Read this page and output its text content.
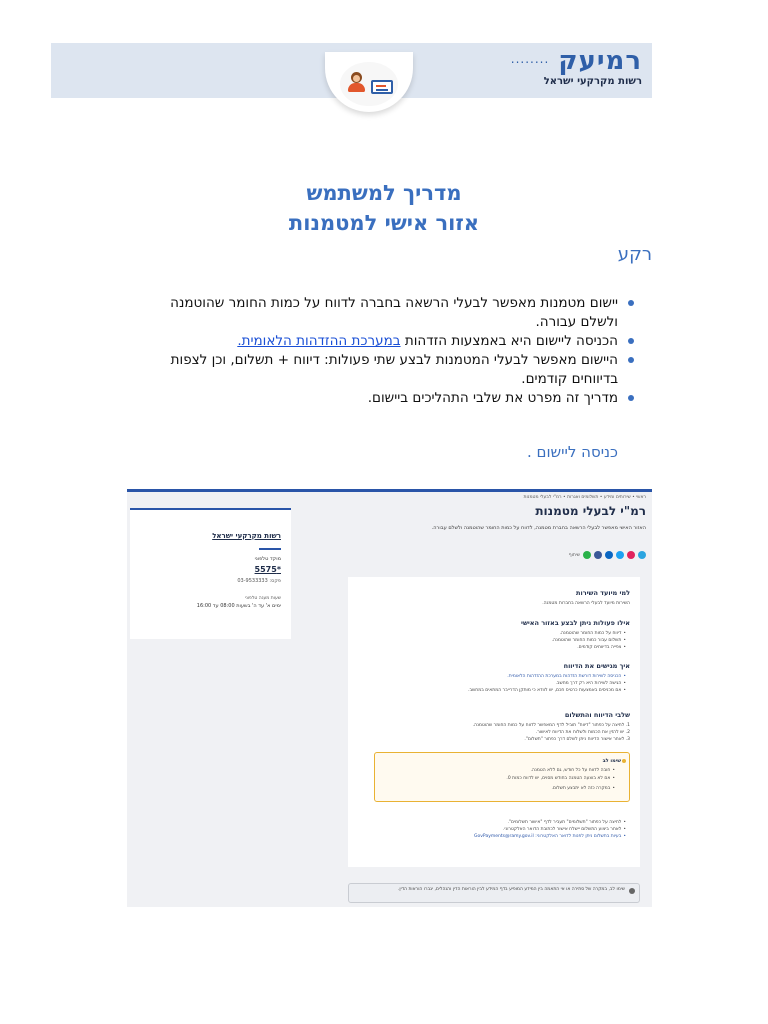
רמיעק ........
רשות מקרקעי ישראל
מדריך למשתמש
אזור אישי למטמנות
רקע
יישום מטמנות מאפשר לבעלי הרשאה בחברה לדווח על כמות החומר שהוטמנה ולשלם עבורה.
הכניסה ליישום היא באמצעות הזדהות במערכת ההזדהות הלאומית.
היישום מאפשר לבעלי המטמנות לבצע שתי פעולות: דיווח + תשלום, וכן לצפות בדיווחים קודמים.
מדריך זה מפרט את שלבי התהליכים ביישום.
כניסה ליישום .
ראשי • שירותים ומידע • תשלומים ואגרות • רמ"י לבעלי מטמנות
רמ"י לבעלי מטמנות
האזור האישי מאפשר לבעלי הרשאה בחברת מטמנה, לדווח על כמות החומר שהוטמנה ולשלם עבורה.
שיתוף
רשות מקרקעי ישראל
מוקד טלפוני
*5575
פקס: 03-9533333
שעות מענה טלפוני
ימים א' עד ה' בשעות 08:00 עד 16:00
למי מיועד השירות
השירות מיועד לבעלי הרשאה בחברות מטמנה.
אילו פעולות ניתן לבצע באזור האישי
• דיווח על כמות החומר שהוטמנה.
• תשלום עבור כמות החומר שהוטמנה.
• צפייה בדיווחים קודמים.
איך מגישים את הדיווח
• הכניסה לשירות דורשת הזדהות במערכת ההזדהות הלאומית.
• הגישה לשירות היא רק דרך מחשב.
• אם מכניסים באמצעות כרטיס חכם, יש לוודא כי מותקן הדרייבר המתאים במחשב.
שלבי הדיווח והתשלום
1. לחיצה על כפתור "דיווח" תוביל לדף המאפשר לדווח על כמות החומר שהוטמנה.
2. יש להזין את הכמות ולשלוח את הדיווח לאישור.
3. לאחר אישור הדיווח ניתן לשלם דרך כפתור "תשלום".
שימו לב
• חובה לדווח על כל חודש, גם ללא הטמנה.
• אם לא בוצעה הטמנה בחודש מסוים, יש לדווח כמות 0.
• במקרה כזה לא יתבצע תשלום.
• לחיצה על כפתור "תשלומים" תעביר לדף "אישור תשלומים".
• לאחר ביצוע התשלום יישלח אישור לכתובת הדואר האלקטרוני.
• בעיות בתשלום ניתן לפנות לדואר האלקטרוני: GovPayments@ramy.gov.il
שימו לב, במקרה של סתירה או אי התאמה בין המידע המופיע בדף המידע לבין הוראות הדין והנהלים, יגברו הוראות הדין.
